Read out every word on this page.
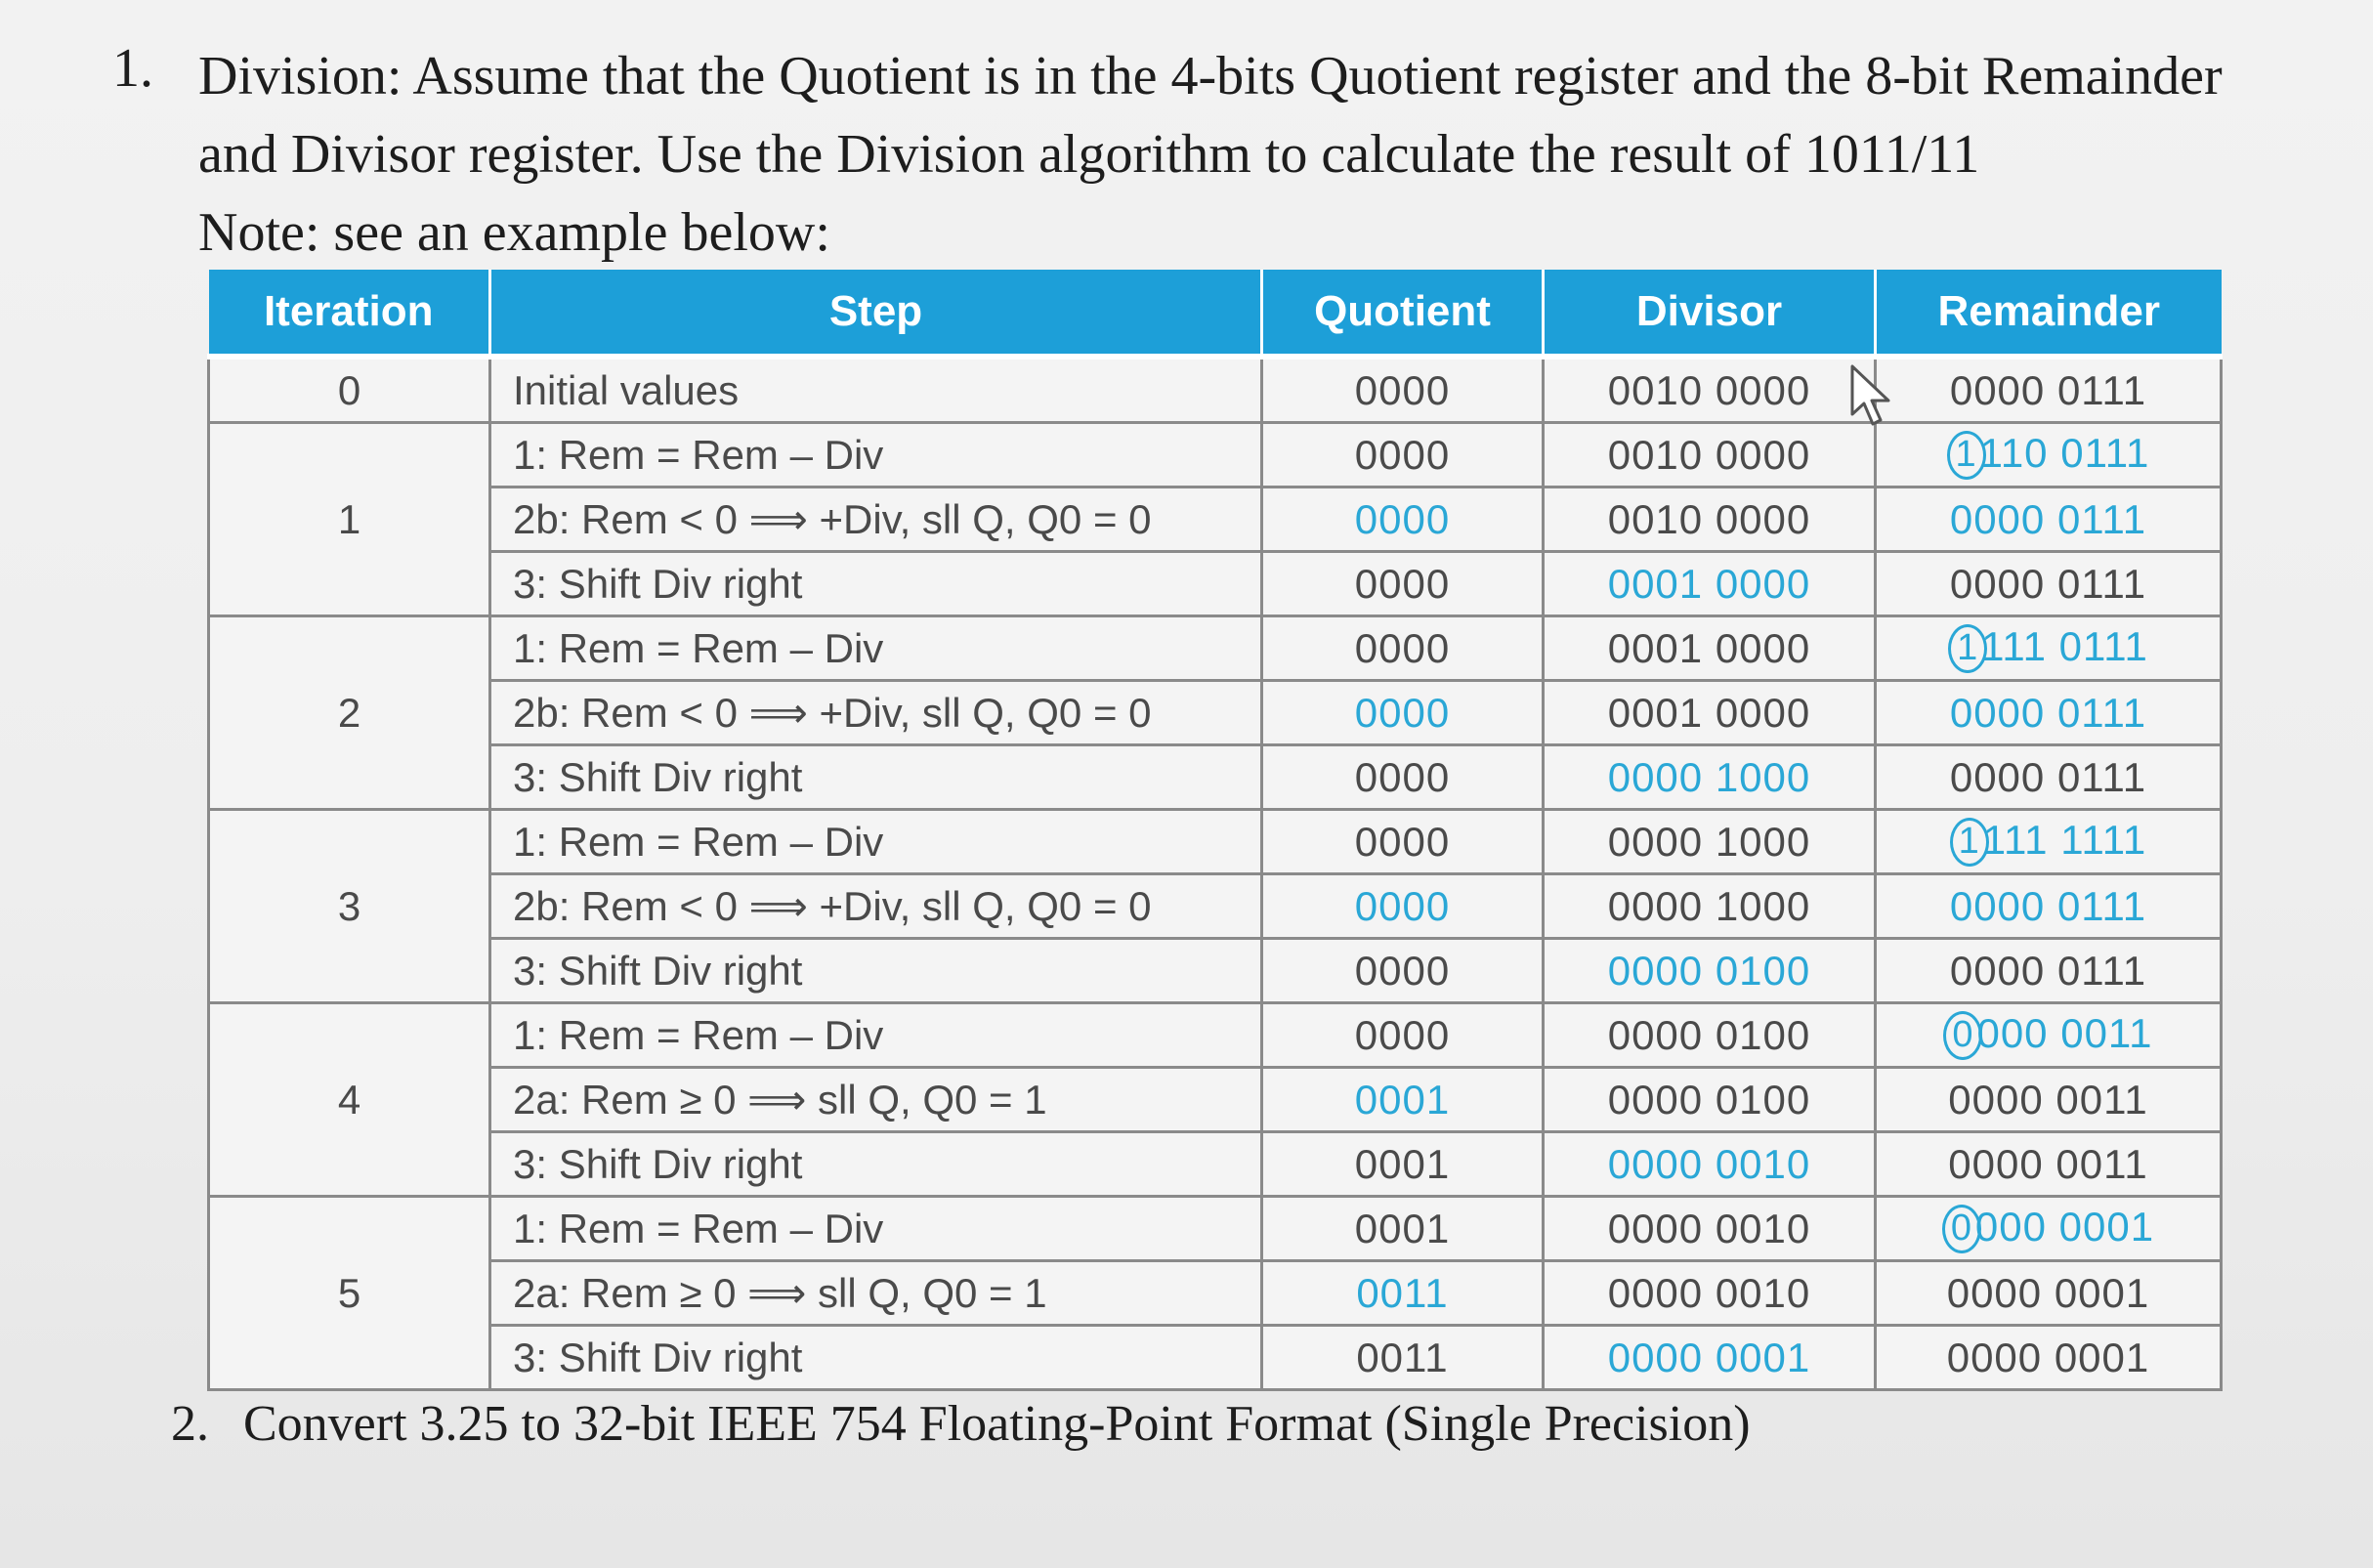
1. Division: Assume that the Quotient is in the 4-bits Quotient register and the 8-bit Remainder
and Divisor register. Use the Division algorithm to calculate the result of 1011/11
Note: see an example below:
Iteration	Step	Quotient	Divisor	Remainder
0	Initial values	0000	0010 0000	0000 0111
1	1: Rem = Rem – Div	0000	0010 0000	1110 0111
	2b: Rem < 0 ⟹ +Div, sll Q, Q0 = 0	0000	0010 0000	0000 0111
	3: Shift Div right	0000	0001 0000	0000 0111
2	1: Rem = Rem – Div	0000	0001 0000	1111 0111
	2b: Rem < 0 ⟹ +Div, sll Q, Q0 = 0	0000	0001 0000	0000 0111
	3: Shift Div right	0000	0000 1000	0000 0111
3	1: Rem = Rem – Div	0000	0000 1000	1111 1111
	2b: Rem < 0 ⟹ +Div, sll Q, Q0 = 0	0000	0000 1000	0000 0111
	3: Shift Div right	0000	0000 0100	0000 0111
4	1: Rem = Rem – Div	0000	0000 0100	0000 0011
	2a: Rem ≥ 0 ⟹ sll Q, Q0 = 1	0001	0000 0100	0000 0011
	3: Shift Div right	0001	0000 0010	0000 0011
5	1: Rem = Rem – Div	0001	0000 0010	0000 0001
	2a: Rem ≥ 0 ⟹ sll Q, Q0 = 1	0011	0000 0010	0000 0001
	3: Shift Div right	0011	0000 0001	0000 0001
2. Convert 3.25 to 32-bit IEEE 754 Floating-Point Format (Single Precision)
